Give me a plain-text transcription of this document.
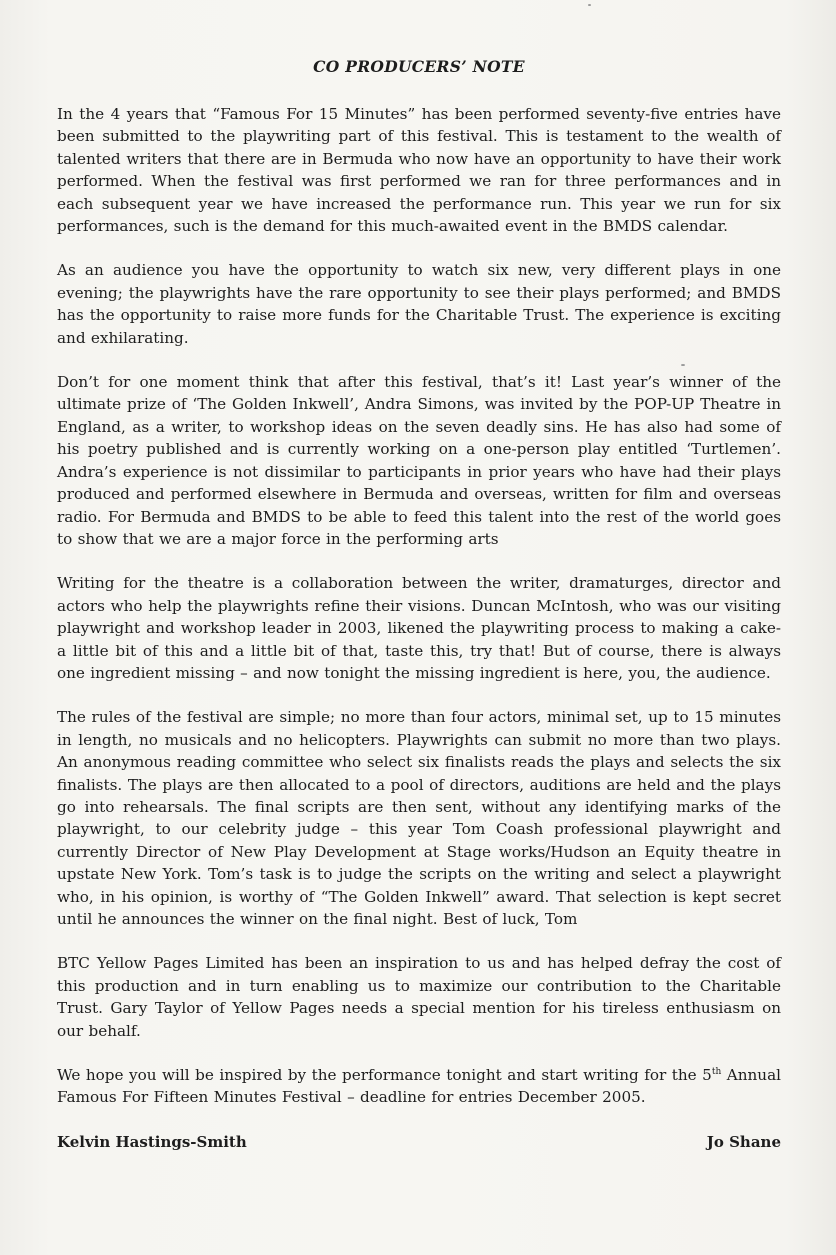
CO PRODUCERS’ NOTE

In the 4 years that “Famous For 15 Minutes” has been performed seventy-five entries have been submitted to the playwriting part of this festival. This is testament to the wealth of talented writers that there are in Bermuda who now have an opportunity to have their work performed. When the festival was first performed we ran for three performances and in each subsequent year we have increased the performance run. This year we run for six performances, such is the demand for this much-awaited event in the BMDS calendar.

As an audience you have the opportunity to watch six new, very different plays in one evening; the playwrights have the rare opportunity to see their plays performed; and BMDS has the opportunity to raise more funds for the Charitable Trust. The experience is exciting and exhilarating.

Don’t for one moment think that after this festival, that’s it! Last year’s winner of the ultimate prize of ‘The Golden Inkwell’, Andra Simons, was invited by the POP-UP Theatre in England, as a writer, to workshop ideas on the seven deadly sins. He has also had some of his poetry published and is currently working on a one-person play entitled ‘Turtlemen’. Andra’s experience is not dissimilar to participants in prior years who have had their plays produced and performed elsewhere in Bermuda and overseas, written for film and overseas radio. For Bermuda and BMDS to be able to feed this talent into the rest of the world goes to show that we are a major force in the performing arts

Writing for the theatre is a collaboration between the writer, dramaturges, director and actors who help the playwrights refine their visions. Duncan McIntosh, who was our visiting playwright and workshop leader in 2003, likened the playwriting process to making a cake- a little bit of this and a little bit of that, taste this, try that! But of course, there is always one ingredient missing – and now tonight the missing ingredient is here, you, the audience.

The rules of the festival are simple; no more than four actors, minimal set, up to 15 minutes in length, no musicals and no helicopters. Playwrights can submit no more than two plays. An anonymous reading committee who select six finalists reads the plays and selects the six finalists. The plays are then allocated to a pool of directors, auditions are held and the plays go into rehearsals. The final scripts are then sent, without any identifying marks of the playwright, to our celebrity judge – this year Tom Coash professional playwright and currently Director of New Play Development at Stage works/Hudson an Equity theatre in upstate New York. Tom’s task is to judge the scripts on the writing and select a playwright who, in his opinion, is worthy of “The Golden Inkwell” award. That selection is kept secret until he announces the winner on the final night. Best of luck, Tom

BTC Yellow Pages Limited has been an inspiration to us and has helped defray the cost of this production and in turn enabling us to maximize our contribution to the Charitable Trust. Gary Taylor of Yellow Pages needs a special mention for his tireless enthusiasm on our behalf.

We hope you will be inspired by the performance tonight and start writing for the 5th Annual Famous For Fifteen Minutes Festival – deadline for entries December 2005.

Kelvin Hastings-Smith	Jo Shane
